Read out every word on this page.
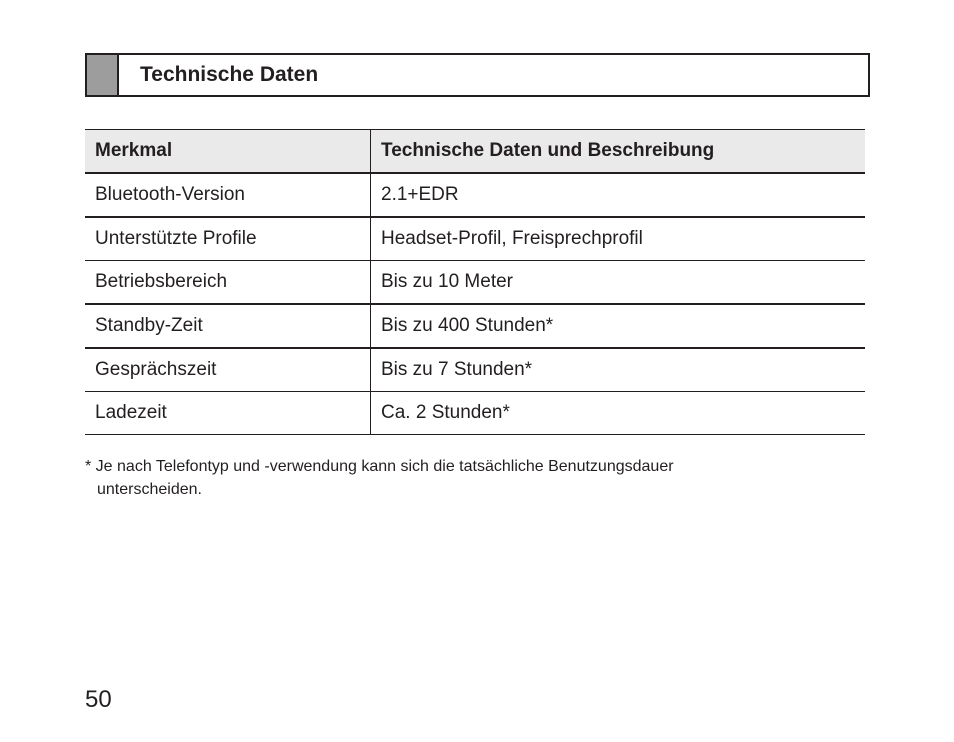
Technische Daten
Merkmal	Technische Daten und Beschreibung
Bluetooth-Version	2.1+EDR
Unterstützte Profile	Headset-Profil, Freisprechprofil
Betriebsbereich	Bis zu 10 Meter
Standby-Zeit	Bis zu 400 Stunden*
Gesprächszeit	Bis zu 7 Stunden*
Ladezeit	Ca. 2 Stunden*
* Je nach Telefontyp und -verwendung kann sich die tatsächliche Benutzungsdauer
unterscheiden.
50
